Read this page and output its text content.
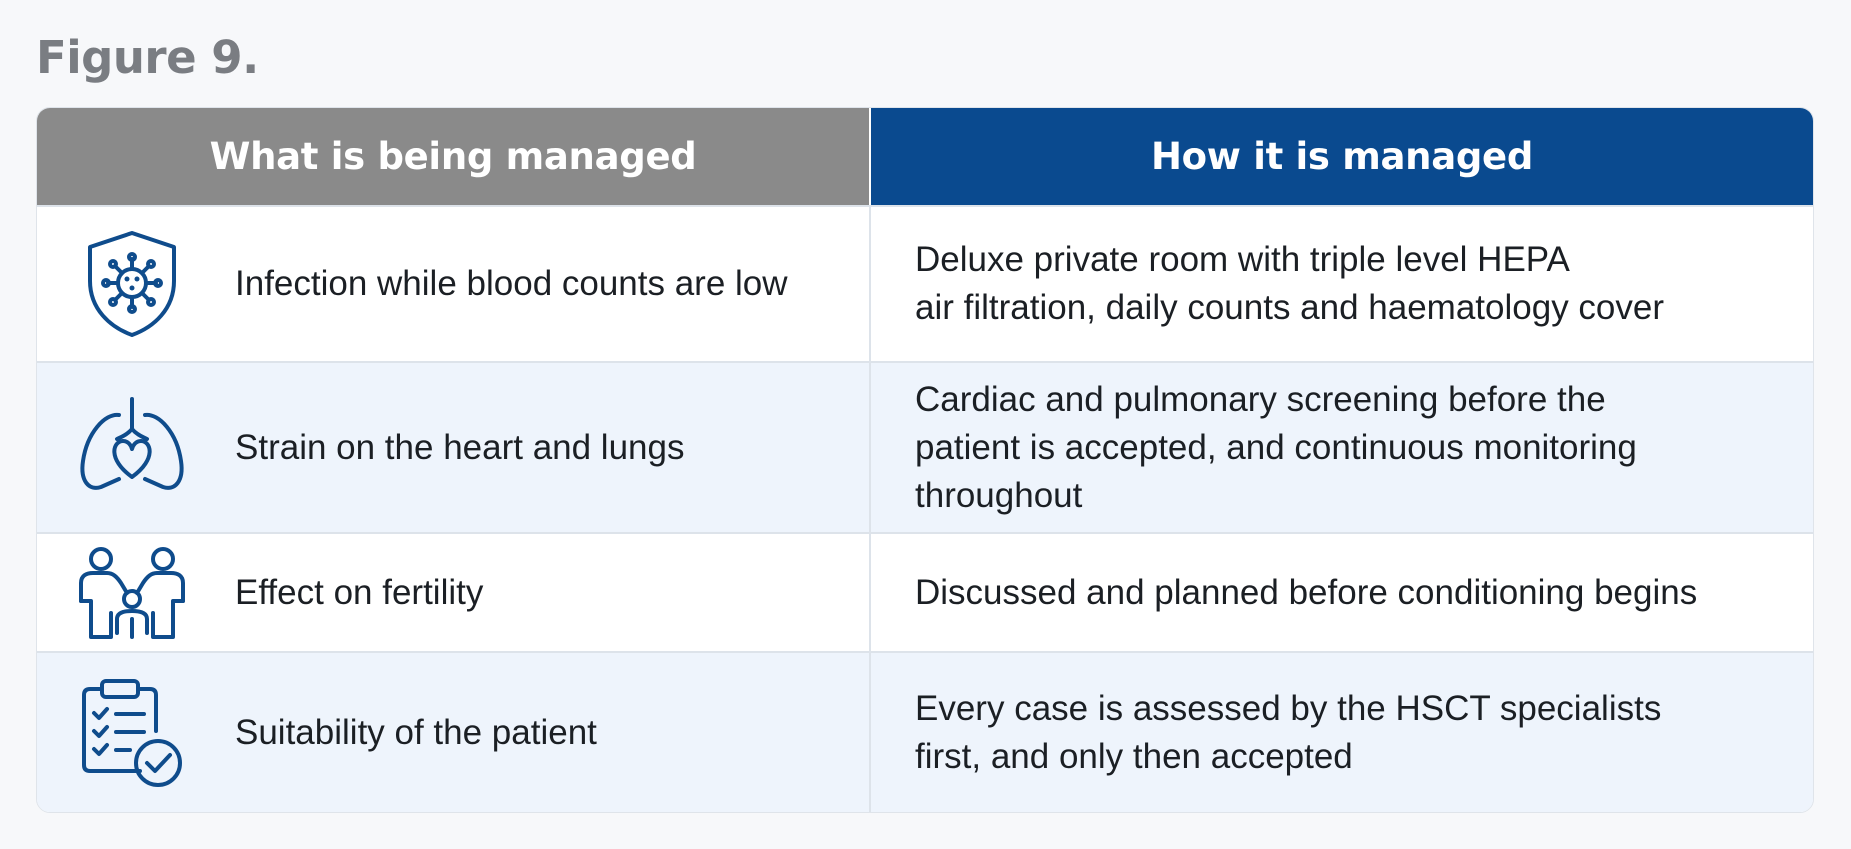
Figure 9.
What is being managed	How it is managed
Infection while blood counts are low
Deluxe private room with triple level HEPA
air filtration, daily counts and haematology cover
Strain on the heart and lungs
Cardiac and pulmonary screening before the
patient is accepted, and continuous monitoring
throughout
Effect on fertility	Discussed and planned before conditioning begins
Suitability of the patient
Every case is assessed by the HSCT specialists
first, and only then accepted
